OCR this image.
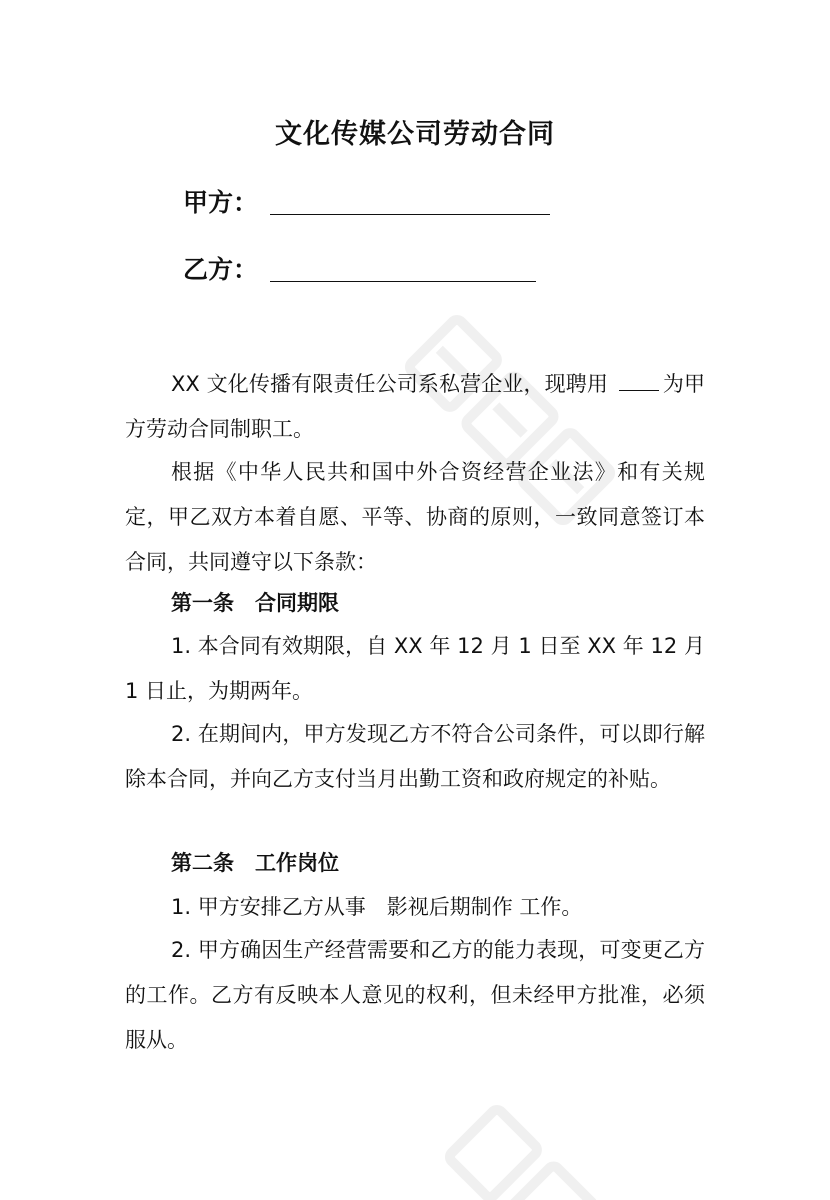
文化传媒公司劳动合同
甲方：
乙方：

XX 文化传播有限责任公司系私营企业，现聘用 为甲方劳动合同制职工。

根据《中华人民共和国中外合资经营企业法》和有关规定，甲乙双方本着自愿、平等、协商的原则，一致同意签订本合同，共同遵守以下条款：

第一条　合同期限

1. 本合同有效期限，自 XX 年 12 月 1 日至 XX 年 12 月 1 日止，为期两年。

2. 在期间内，甲方发现乙方不符合公司条件，可以即行解除本合同，并向乙方支付当月出勤工资和政府规定的补贴。

第二条　工作岗位

1. 甲方安排乙方从事　影视后期制作 工作。

2. 甲方确因生产经营需要和乙方的能力表现，可变更乙方的工作。乙方有反映本人意见的权利，但未经甲方批准，必须服从。
